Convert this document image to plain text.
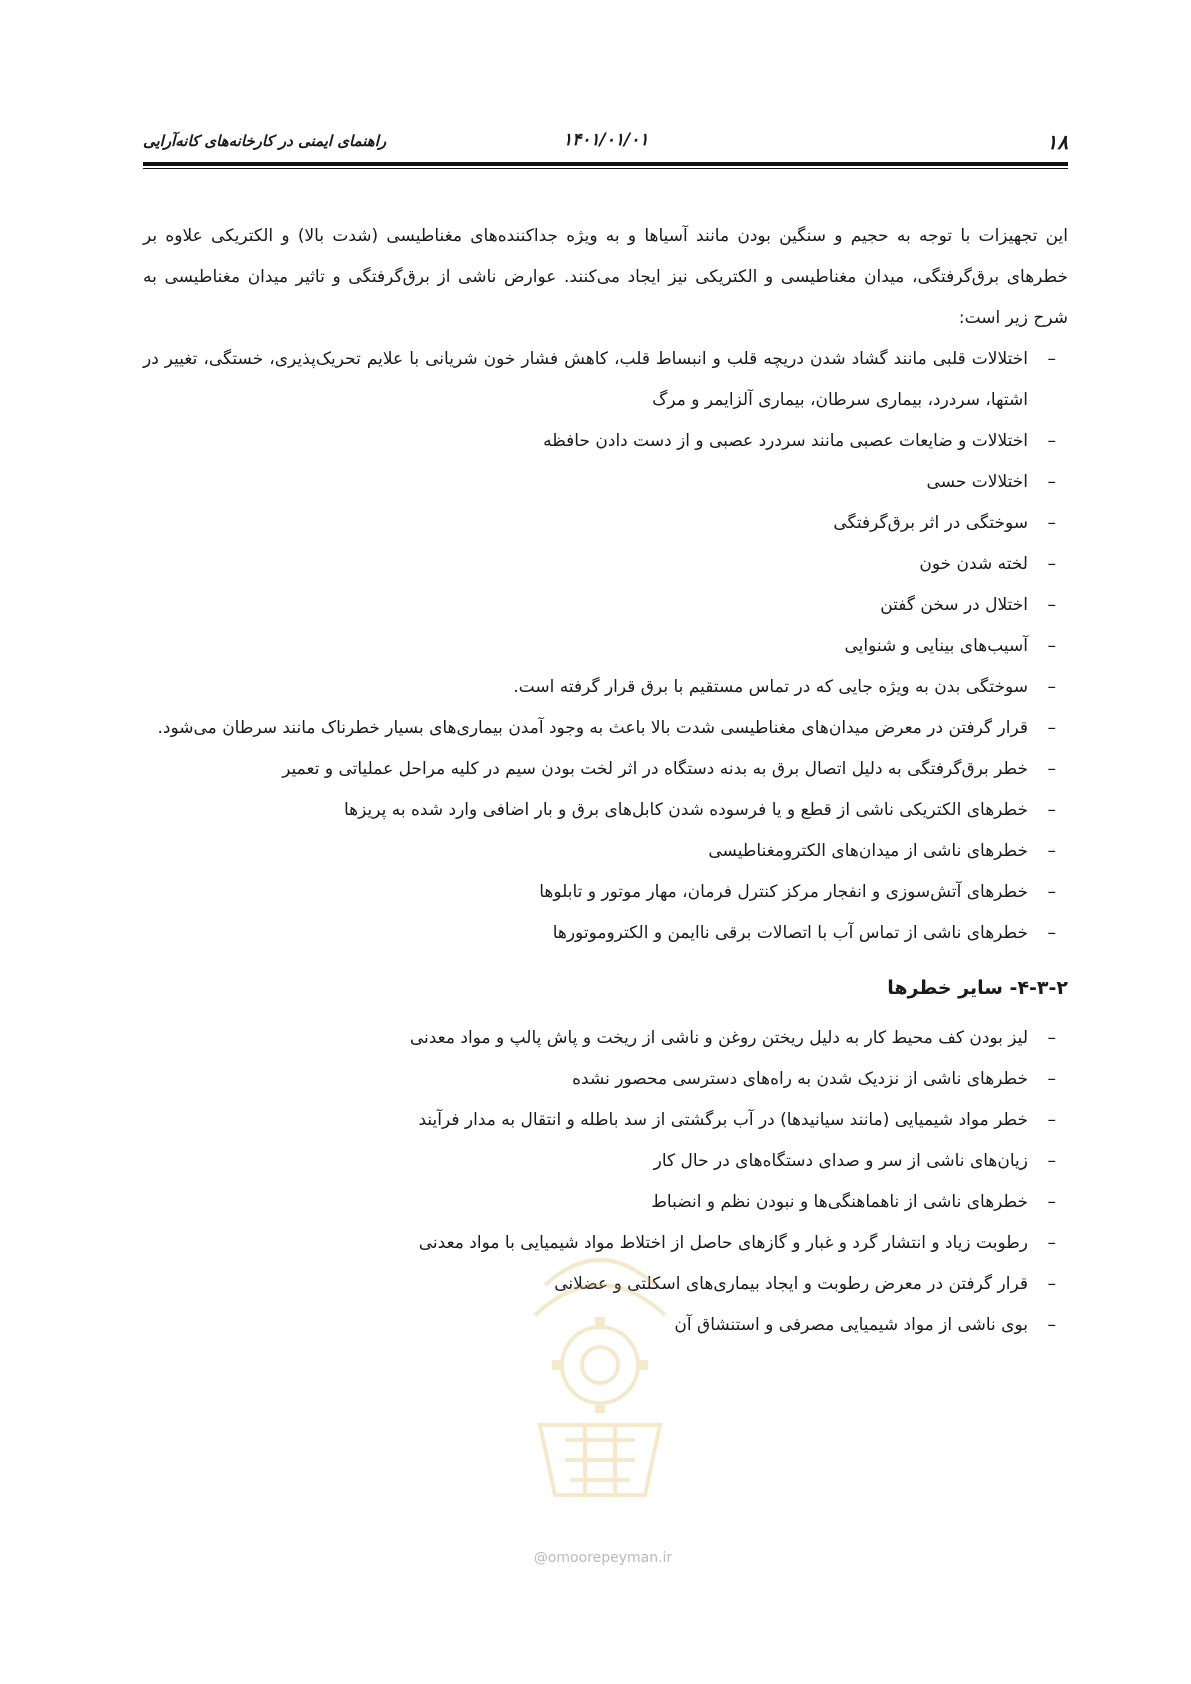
۱۸
۱۴۰۱/۰۱/۰۱
راهنمای ایمنی در کارخانه‌های کانه‌آرایی

این تجهیزات با توجه به حجیم و سنگین بودن مانند آسیاها و به ویژه جداکننده‌های مغناطیسی (شدت بالا) و الکتریکی علاوه بر خطرهای برق‌گرفتگی، میدان مغناطیسی و الکتریکی نیز ایجاد می‌کنند. عوارض ناشی از برق‌گرفتگی و تاثیر میدان مغناطیسی به شرح زیر است:

– اختلالات قلبی مانند گشاد شدن دریچه قلب و انبساط قلب، کاهش فشار خون شریانی با علایم تحریک‌پذیری، خستگی، تغییر در اشتها، سردرد، بیماری سرطان، بیماری آلزایمر و مرگ
– اختلالات و ضایعات عصبی مانند سردرد عصبی و از دست دادن حافظه
– اختلالات حسی
– سوختگی در اثر برق‌گرفتگی
– لخته شدن خون
– اختلال در سخن گفتن
– آسیب‌های بینایی و شنوایی
– سوختگی بدن به ویژه جایی که در تماس مستقیم با برق قرار گرفته است.
– قرار گرفتن در معرض میدان‌های مغناطیسی شدت بالا باعث به وجود آمدن بیماری‌های بسیار خطرناک مانند سرطان می‌شود.
– خطر برق‌گرفتگی به دلیل اتصال برق به بدنه دستگاه در اثر لخت بودن سیم در کلیه مراحل عملیاتی و تعمیر
– خطرهای الکتریکی ناشی از قطع و یا فرسوده شدن کابل‌های برق و بار اضافی وارد شده به پریزها
– خطرهای ناشی از میدان‌های الکترومغناطیسی
– خطرهای آتش‌سوزی و انفجار مرکز کنترل فرمان، مهار موتور و تابلوها
– خطرهای ناشی از تماس آب با اتصالات برقی ناایمن و الکتروموتورها
۴-۳-۲- سایر خطرها
– لیز بودن کف محیط کار به دلیل ریختن روغن و ناشی از ریخت و پاش پالپ و مواد معدنی
– خطرهای ناشی از نزدیک شدن به راه‌های دسترسی محصور نشده
– خطر مواد شیمیایی (مانند سیانیدها) در آب برگشتی از سد باطله و انتقال به مدار فرآیند
– زیان‌های ناشی از سر و صدای دستگاه‌های در حال کار
– خطرهای ناشی از ناهماهنگی‌ها و نبودن نظم و انضباط
– رطوبت زیاد و انتشار گرد و غبار و گازهای حاصل از اختلاط مواد شیمیایی با مواد معدنی
– قرار گرفتن در معرض رطوبت و ایجاد بیماری‌های اسکلتی و عضلانی
– بوی ناشی از مواد شیمیایی مصرفی و استنشاق آن
@omoorepeyman.ir
